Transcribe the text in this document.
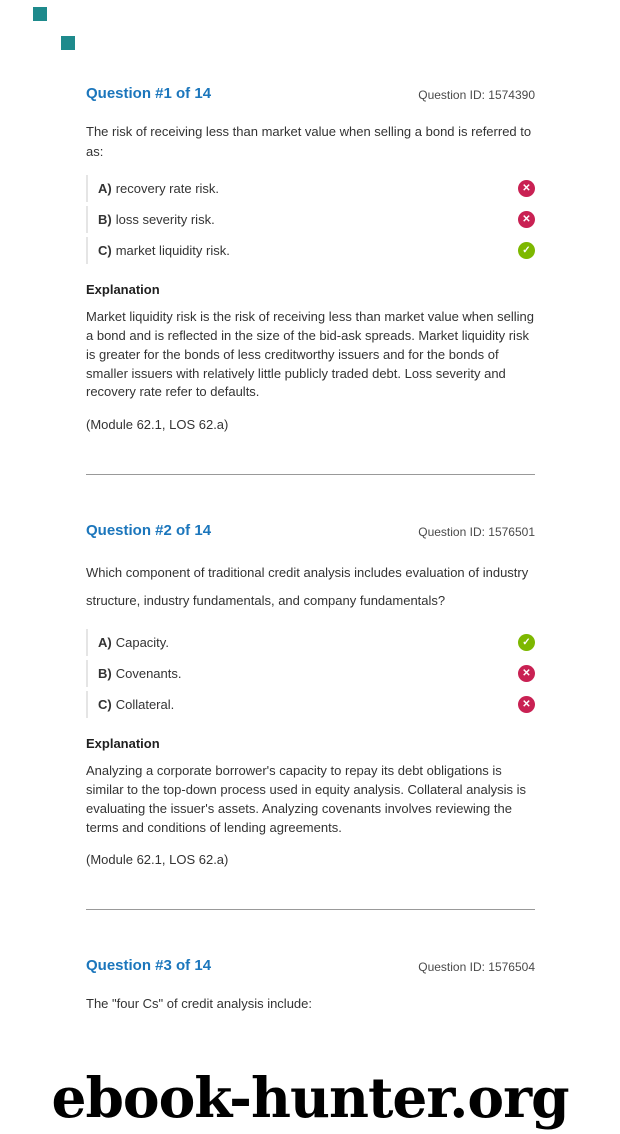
Question #1 of 14	Question ID: 1574390

The risk of receiving less than market value when selling a bond is referred to as:

A) recovery rate risk.
✕
B) loss severity risk.
✕
C) market liquidity risk.
✓
Explanation

Market liquidity risk is the risk of receiving less than market value when selling a bond and is reflected in the size of the bid-ask spreads. Market liquidity risk is greater for the bonds of less creditworthy issuers and for the bonds of smaller issuers with relatively little publicly traded debt. Loss severity and recovery rate refer to defaults.

(Module 62.1, LOS 62.a)

Question #2 of 14	Question ID: 1576501

Which component of traditional credit analysis includes evaluation of industry structure, industry fundamentals, and company fundamentals?

A) Capacity.
✓
B) Covenants.
✕
C) Collateral.
✕
Explanation

Analyzing a corporate borrower's capacity to repay its debt obligations is similar to the top-down process used in equity analysis. Collateral analysis is evaluating the issuer's assets. Analyzing covenants involves reviewing the terms and conditions of lending agreements.

(Module 62.1, LOS 62.a)

Question #3 of 14	Question ID: 1576504

The "four Cs" of credit analysis include:

ebook-hunter.org
